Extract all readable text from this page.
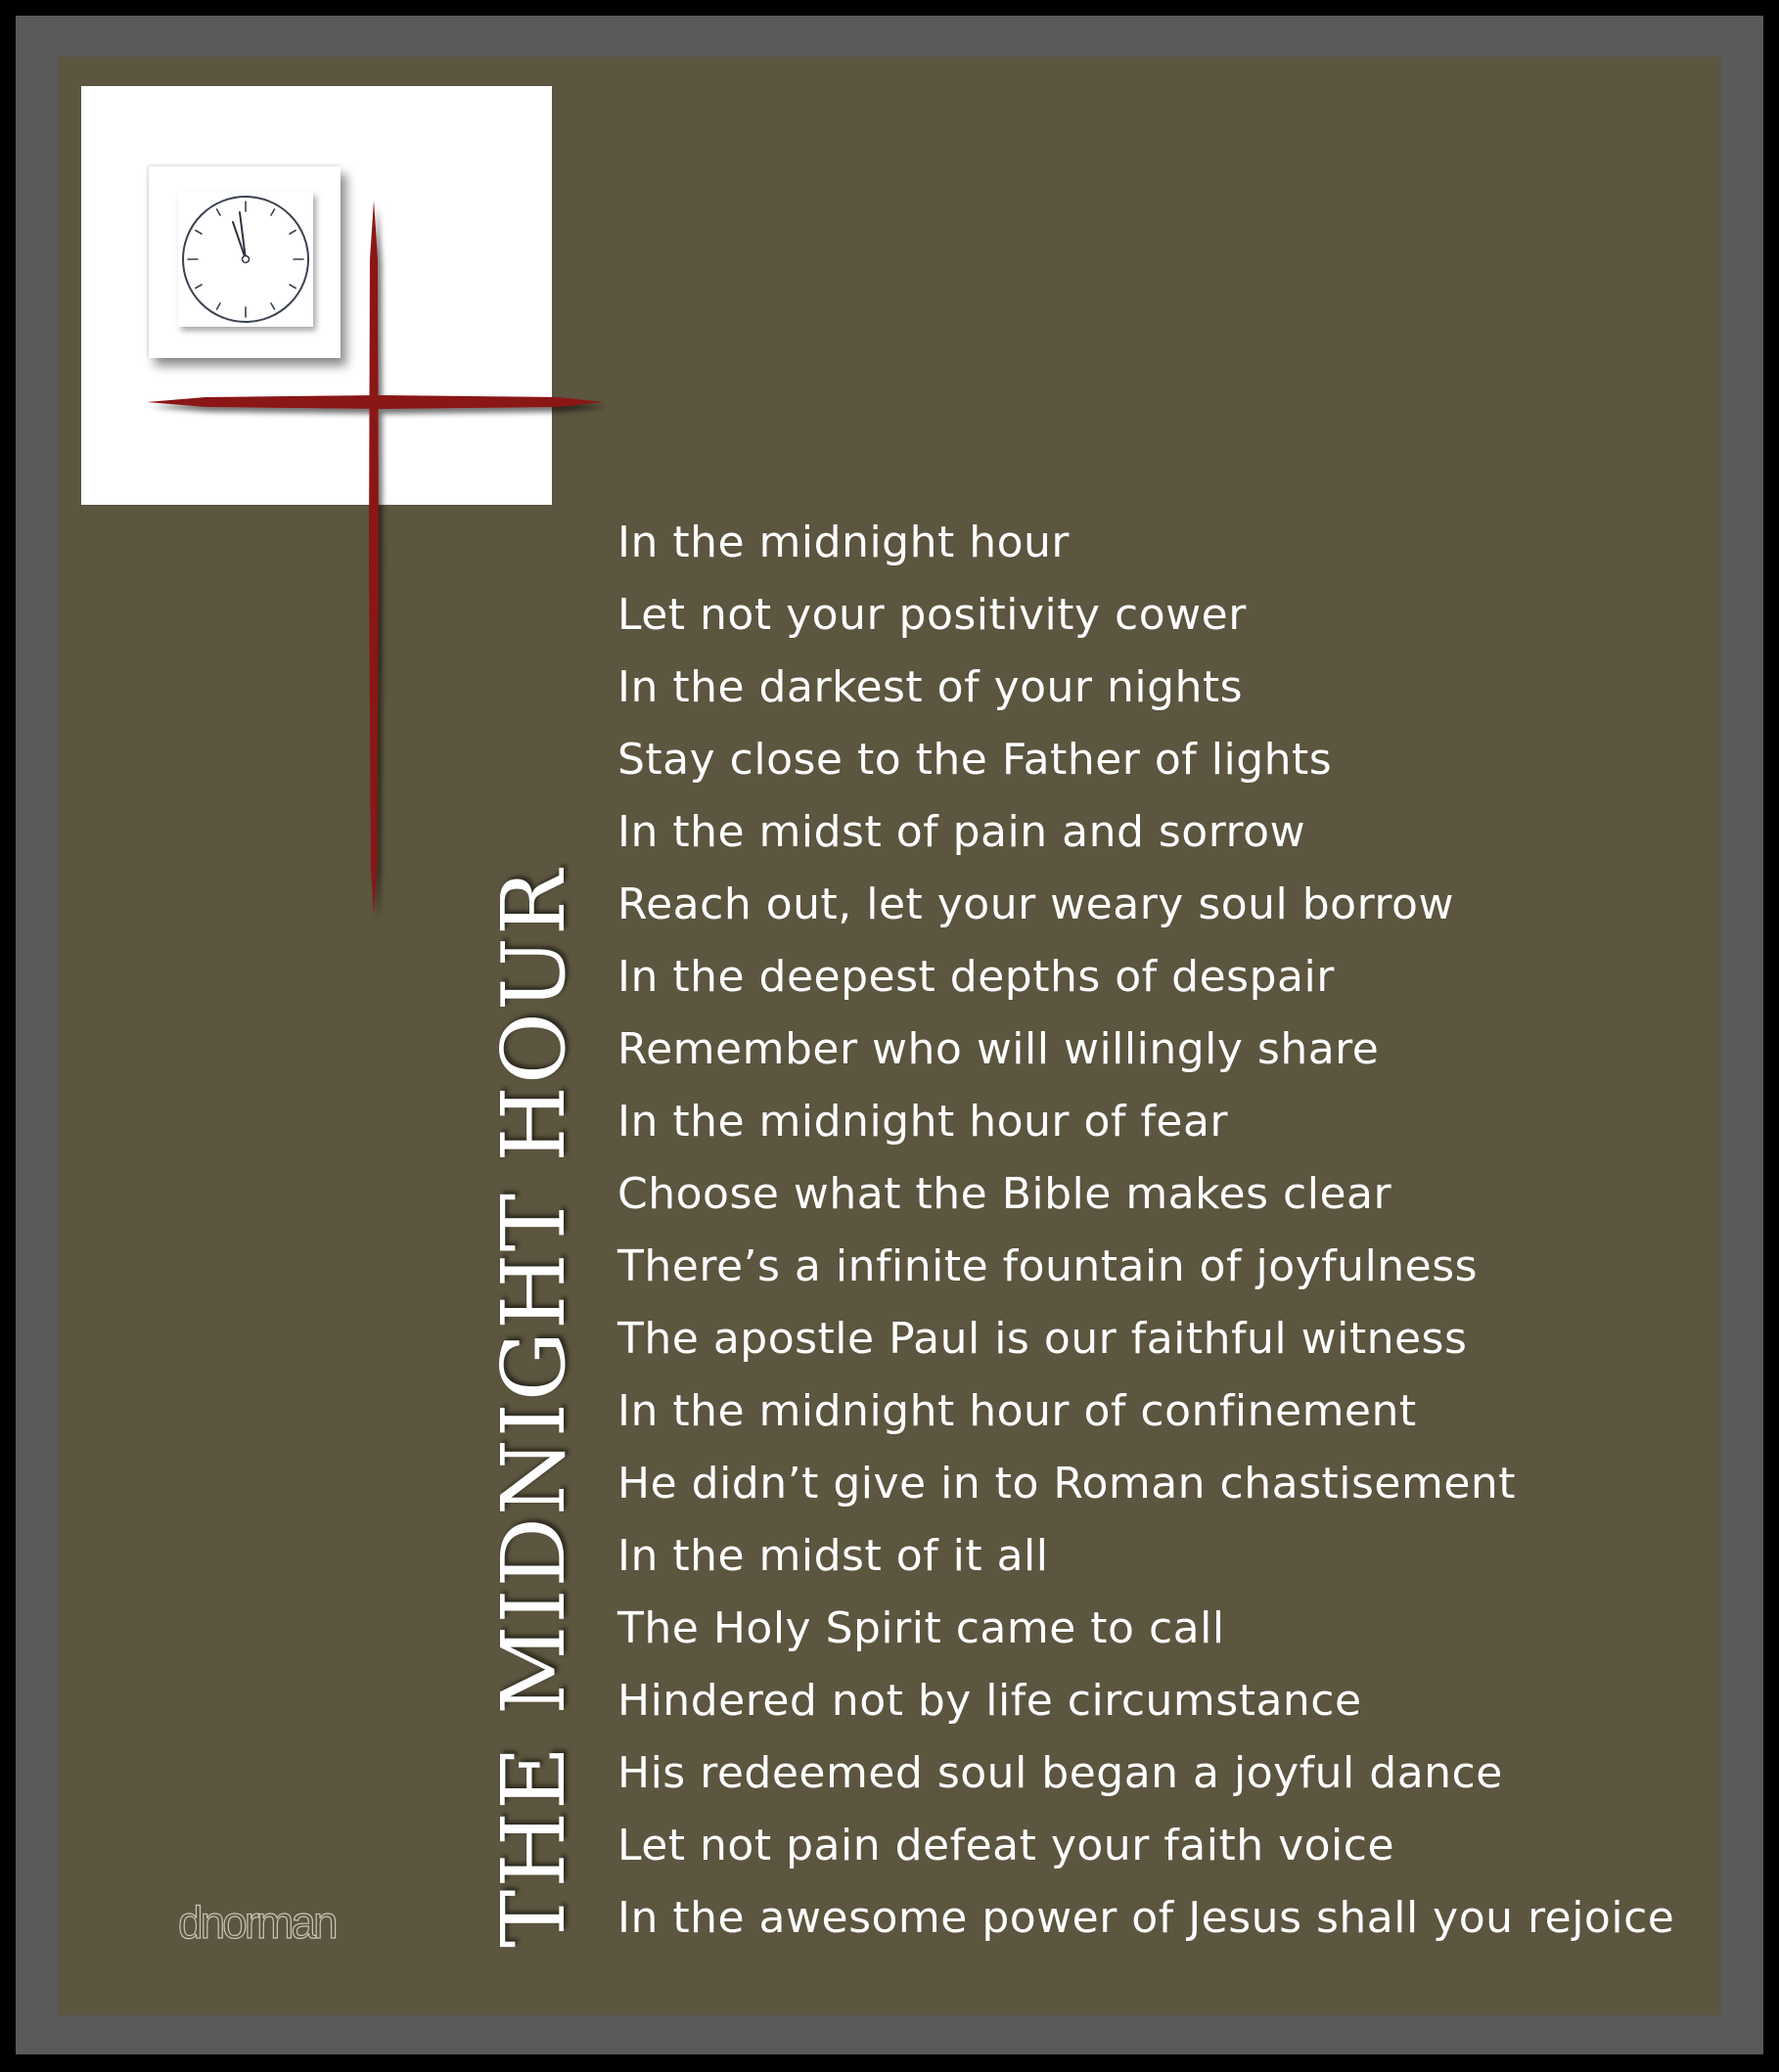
THE MIDNIGHT HOUR
In the midnight hour
Let not your positivity cower
In the darkest of your nights
Stay close to the Father of lights
In the midst of pain and sorrow
Reach out, let your weary soul borrow
In the deepest depths of despair
Remember who will willingly share
In the midnight hour of fear
Choose what the Bible makes clear
There’s a infinite fountain of joyfulness
The apostle Paul is our faithful witness
In the midnight hour of confinement
He didn’t give in to Roman chastisement
In the midst of it all
The Holy Spirit came to call
Hindered not by life circumstance
His redeemed soul began a joyful dance
Let not pain defeat your faith voice
In the awesome power of Jesus shall you rejoice
dnorman
